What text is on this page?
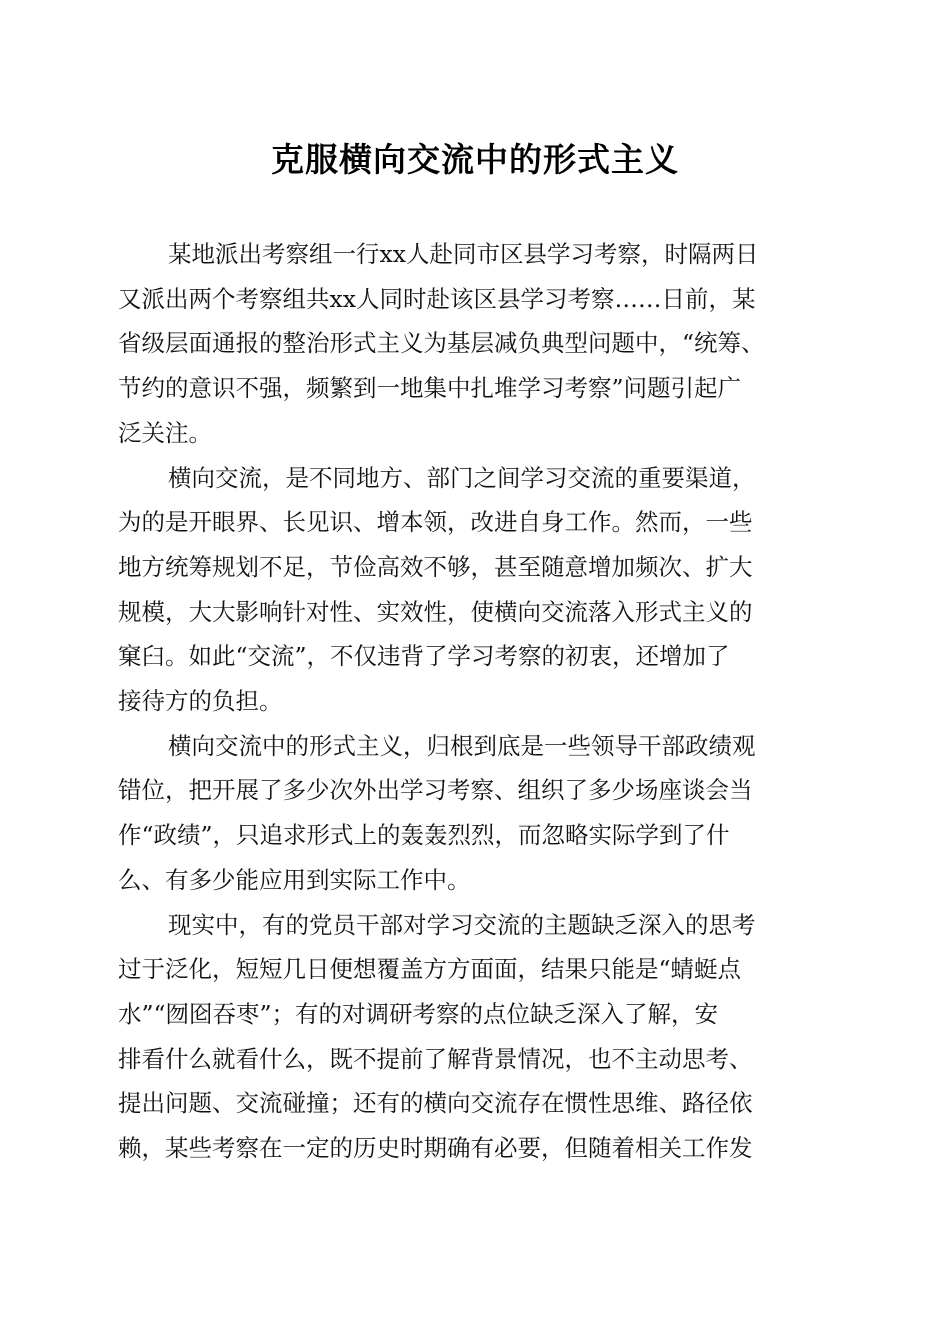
克服横向交流中的形式主义
某地派出考察组一行xx人赴同市区县学习考察，时隔两日
又派出两个考察组共xx人同时赴该区县学习考察……日前，某
省级层面通报的整治形式主义为基层减负典型问题中，“统筹、
节约的意识不强，频繁到一地集中扎堆学习考察”问题引起广
泛关注。
横向交流，是不同地方、部门之间学习交流的重要渠道，
为的是开眼界、长见识、增本领，改进自身工作。然而，一些
地方统筹规划不足，节俭高效不够，甚至随意增加频次、扩大
规模，大大影响针对性、实效性，使横向交流落入形式主义的
窠臼。如此“交流”，不仅违背了学习考察的初衷，还增加了
接待方的负担。
横向交流中的形式主义，归根到底是一些领导干部政绩观
错位，把开展了多少次外出学习考察、组织了多少场座谈会当
作“政绩”，只追求形式上的轰轰烈烈，而忽略实际学到了什
么、有多少能应用到实际工作中。
现实中，有的党员干部对学习交流的主题缺乏深入的思考
过于泛化，短短几日便想覆盖方方面面，结果只能是“蜻蜓点
水”“囫囵吞枣”；有的对调研考察的点位缺乏深入了解，安
排看什么就看什么，既不提前了解背景情况，也不主动思考、
提出问题、交流碰撞；还有的横向交流存在惯性思维、路径依
赖，某些考察在一定的历史时期确有必要，但随着相关工作发
